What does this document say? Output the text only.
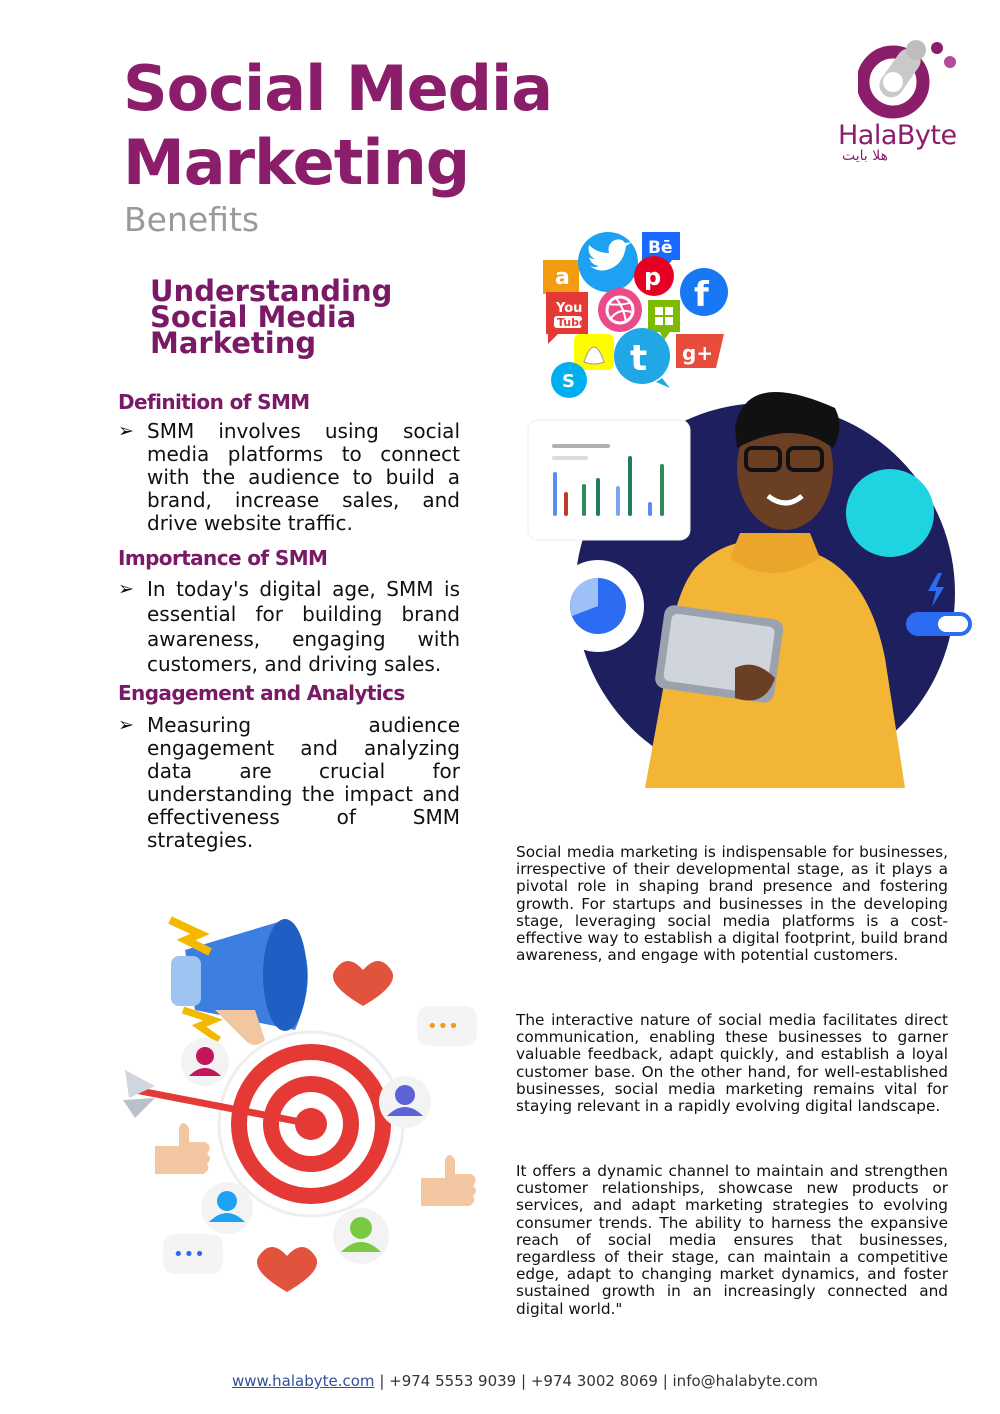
Social Media Marketing
Benefits
HalaByte
هلا بايت
Understanding
Social Media
Marketing
Definition of SMM
➢ SMM involves using social media platforms to connect with the audience to build a brand, increase sales, and drive website traffic.
Importance of SMM
➢ In today's digital age, SMM is essential for building brand awareness, engaging with customers, and driving sales.
Engagement and Analytics
➢ Measuring audience engagement and analyzing data are crucial for understanding the impact and effectiveness of SMM strategies.
a
You
Tube
Bē
p f
t g+
S
Social media marketing is indispensable for businesses, irrespective of their developmental stage, as it plays a pivotal role in shaping brand presence and fostering growth. For startups and businesses in the developing stage, leveraging social media platforms is a cost-effective way to establish a digital footprint, build brand awareness, and engage with potential customers.
The interactive nature of social media facilitates direct communication, enabling these businesses to garner valuable feedback, adapt quickly, and establish a loyal customer base. On the other hand, for well-established businesses, social media marketing remains vital for staying relevant in a rapidly evolving digital landscape.
It offers a dynamic channel to maintain and strengthen customer relationships, showcase new products or services, and adapt marketing strategies to evolving consumer trends. The ability to harness the expansive reach of social media ensures that businesses, regardless of their stage, can maintain a competitive edge, adapt to changing market dynamics, and foster sustained growth in an increasingly connected and digital world."
•••
•••
www.halabyte.com | +974 5553 9039 | +974 3002 8069 | info@halabyte.com
